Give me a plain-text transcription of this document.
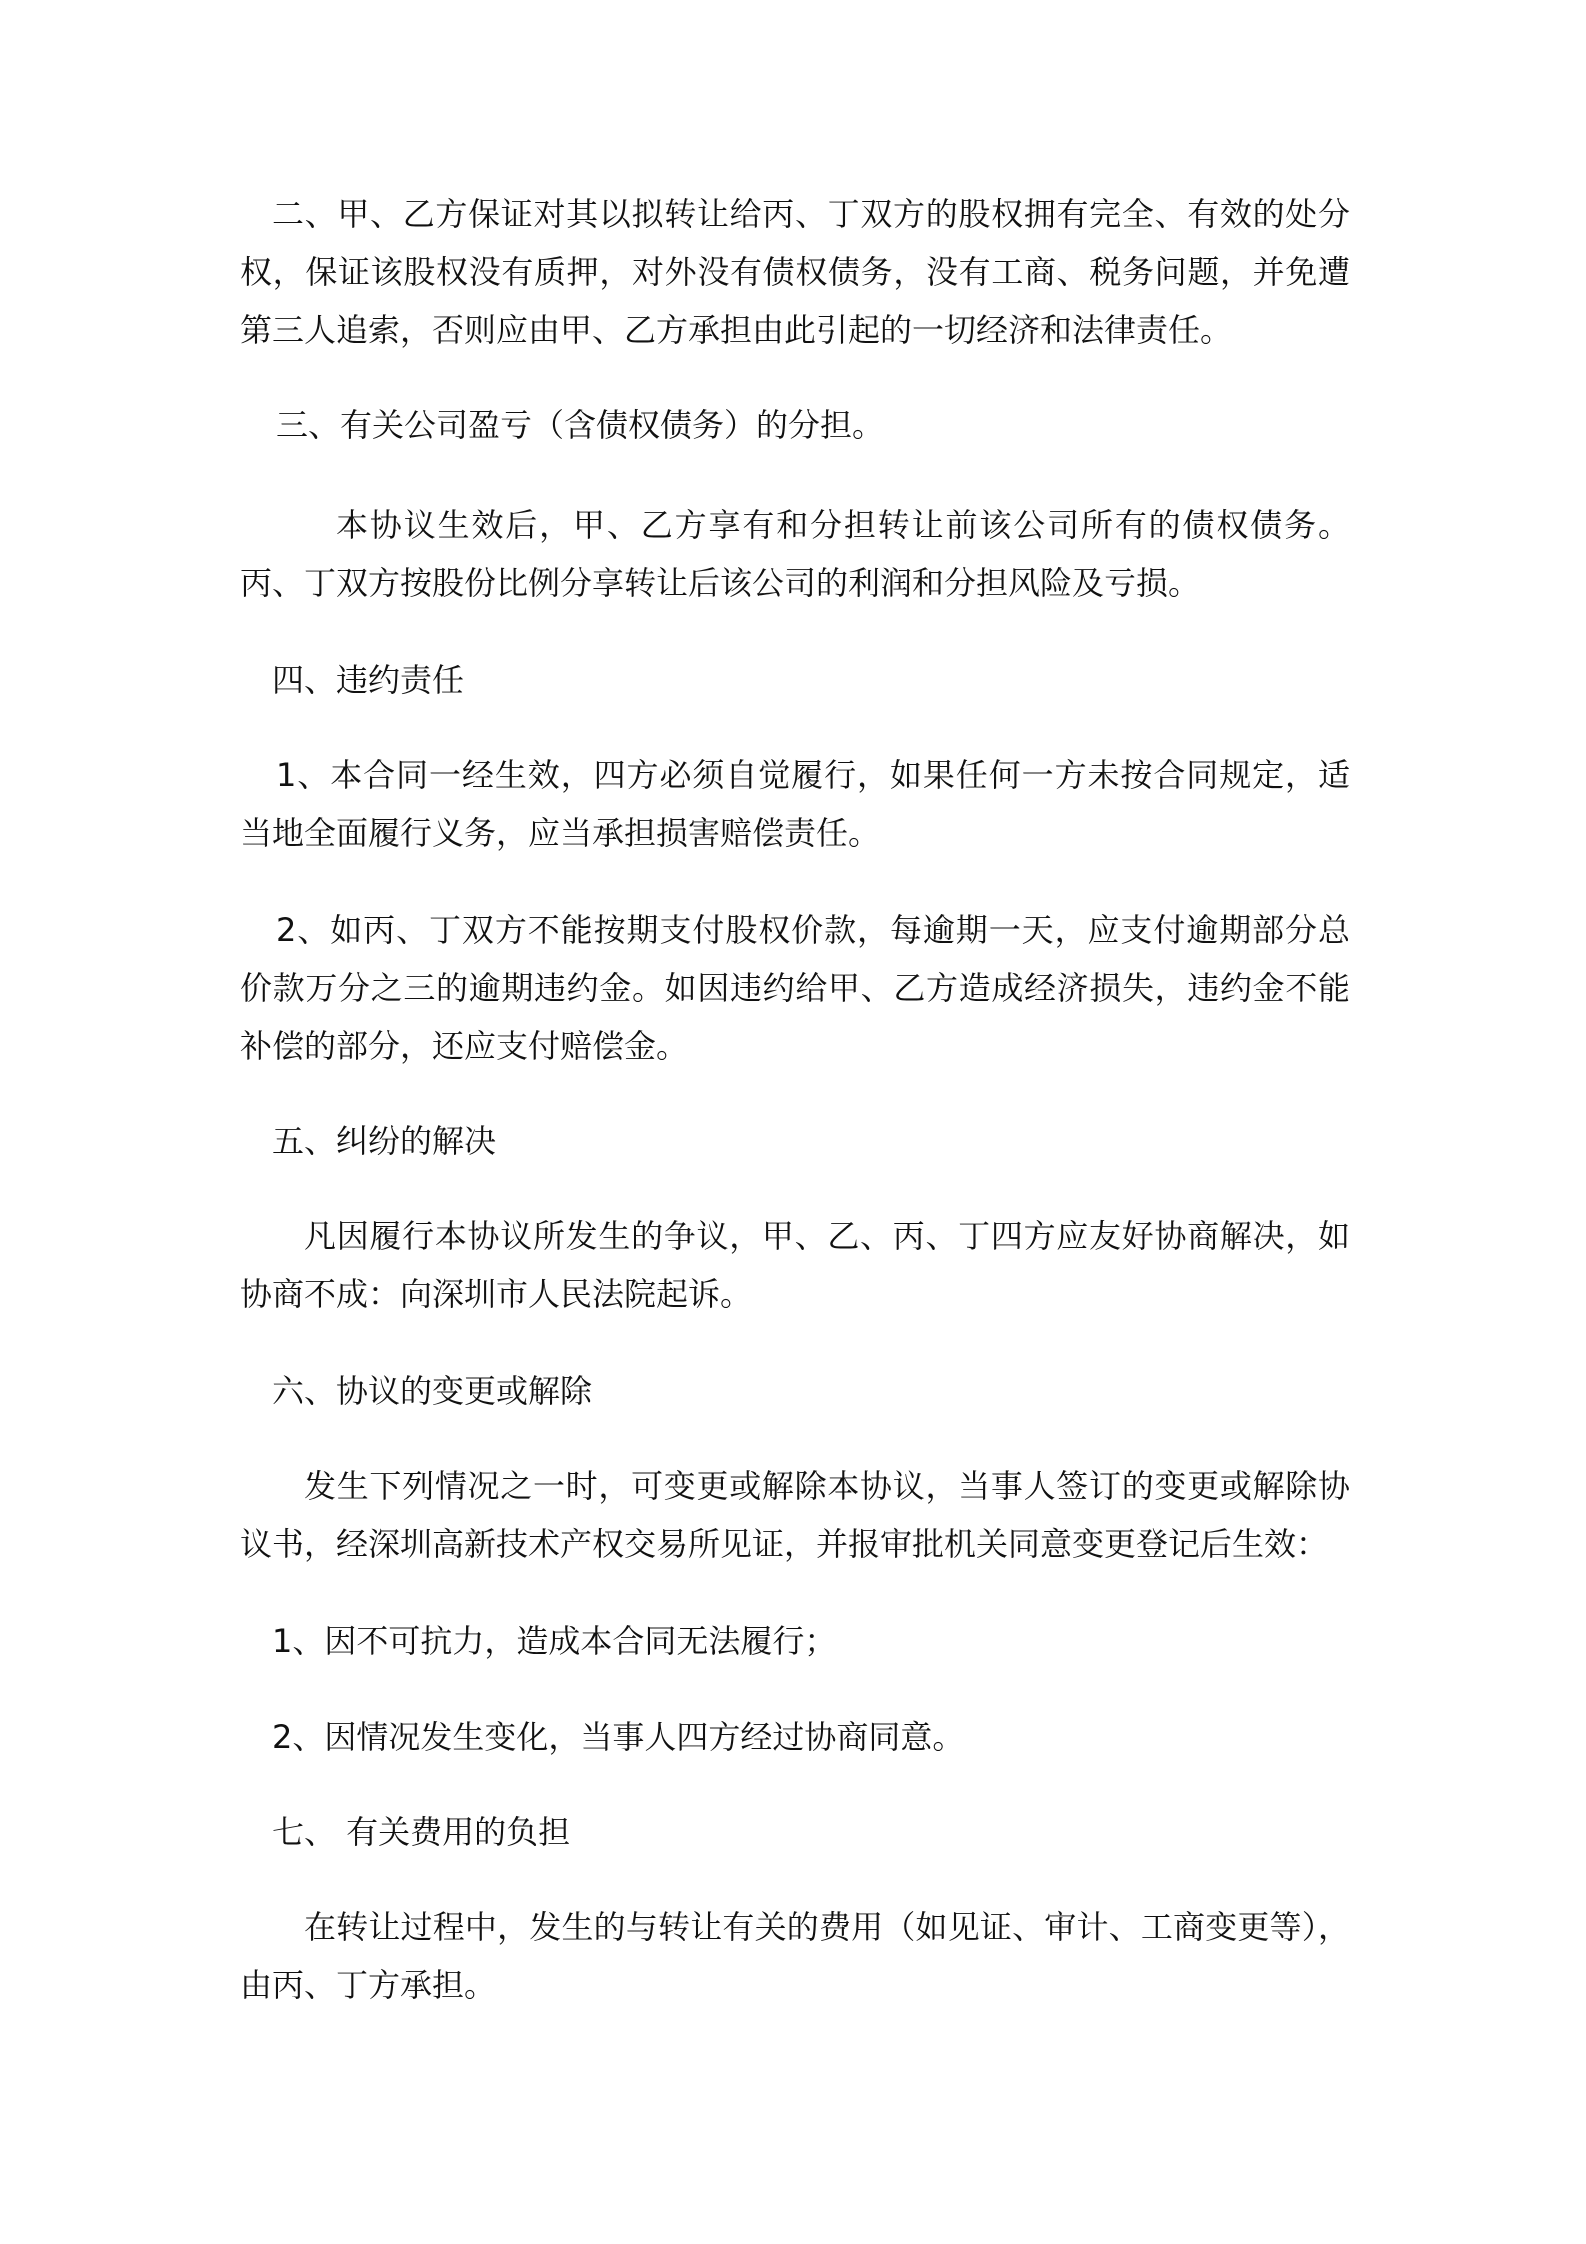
二、甲、乙方保证对其以拟转让给丙、丁双方的股权拥有完全、有效的处分权，保证该股权没有质押，对外没有债权债务，没有工商、税务问题，并免遭第三人追索，否则应由甲、乙方承担由此引起的一切经济和法律责任。

三、有关公司盈亏（含债权债务）的分担。

本协议生效后，甲、乙方享有和分担转让前该公司所有的债权债务。丙、丁双方按股份比例分享转让后该公司的利润和分担风险及亏损。

四、违约责任

1、本合同一经生效，四方必须自觉履行，如果任何一方未按合同规定，适当地全面履行义务，应当承担损害赔偿责任。

2、如丙、丁双方不能按期支付股权价款，每逾期一天，应支付逾期部分总价款万分之三的逾期违约金。如因违约给甲、乙方造成经济损失，违约金不能补偿的部分，还应支付赔偿金。

五、纠纷的解决

凡因履行本协议所发生的争议，甲、乙、丙、丁四方应友好协商解决，如协商不成：向深圳市人民法院起诉。

六、协议的变更或解除

发生下列情况之一时，可变更或解除本协议，当事人签订的变更或解除协议书，经深圳高新技术产权交易所见证，并报审批机关同意变更登记后生效：

1、因不可抗力，造成本合同无法履行；

2、因情况发生变化，当事人四方经过协商同意。

七、 有关费用的负担

在转让过程中，发生的与转让有关的费用（如见证、审计、工商变更等），由丙、丁方承担。
